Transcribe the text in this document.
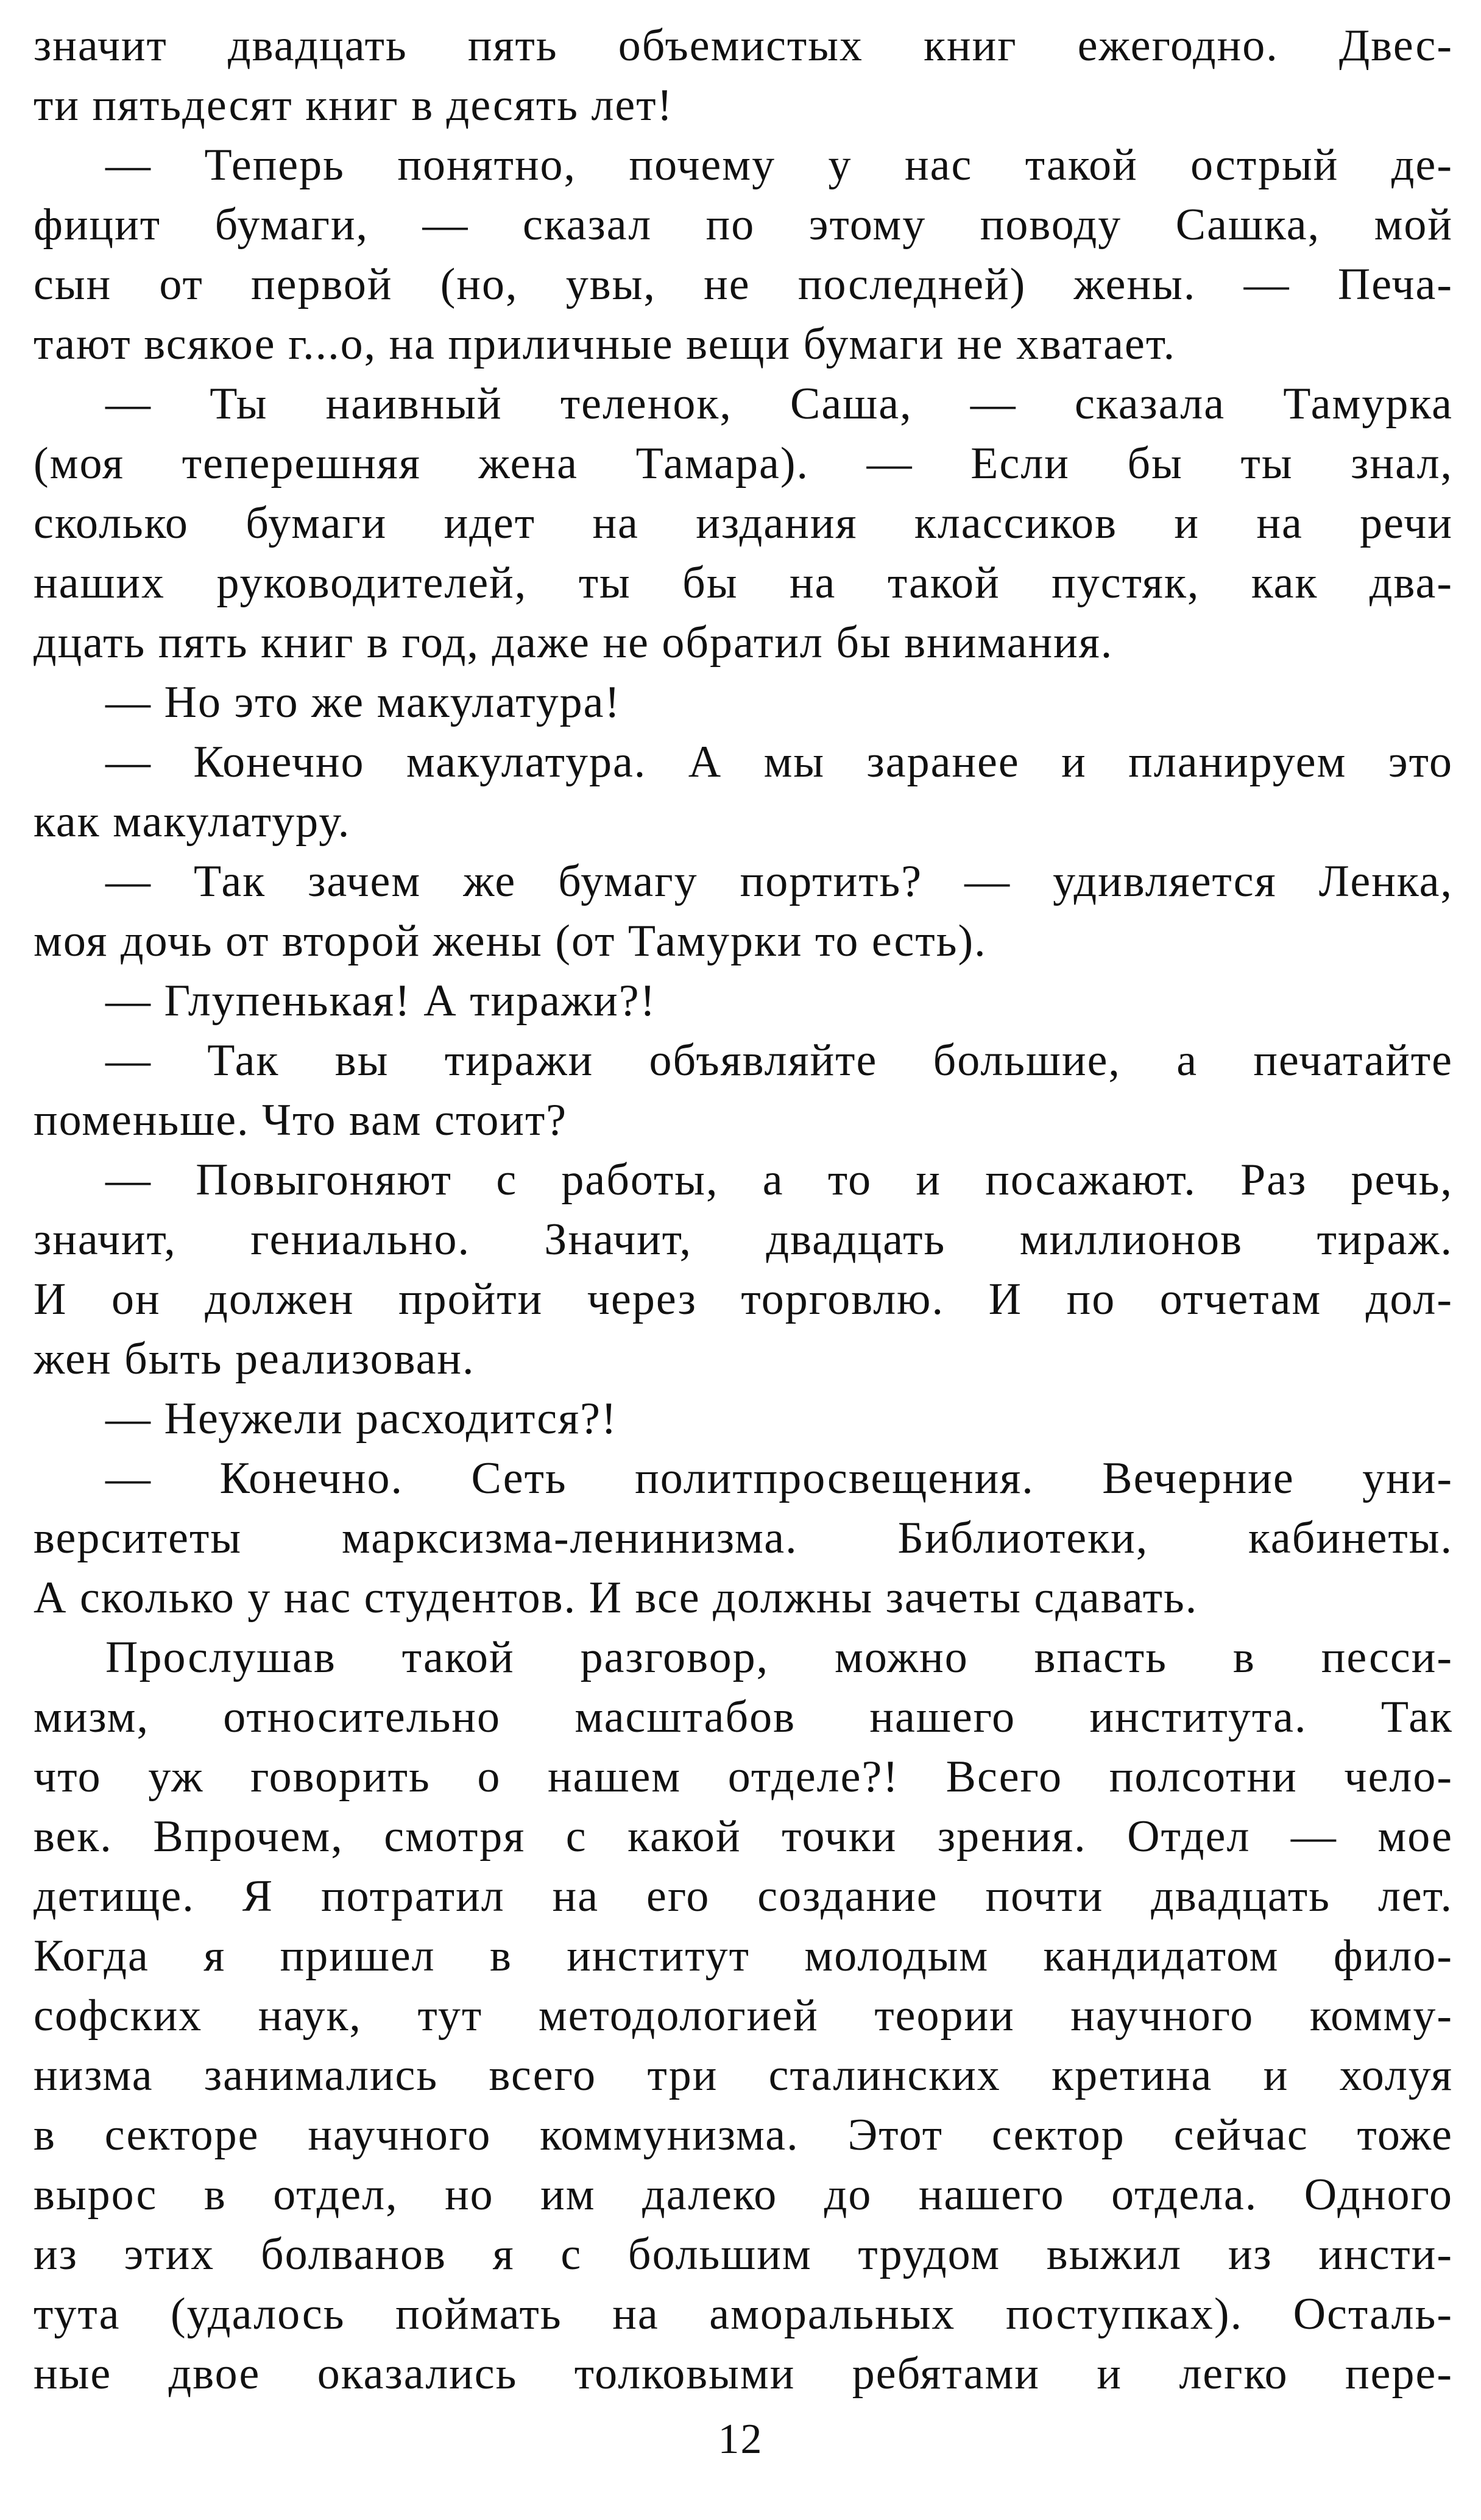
значит двадцать пять объемистых книг ежегодно. Двес-
ти пятьдесят книг в десять лет!
— Теперь понятно, почему у нас такой острый де-
фицит бумаги, — сказал по этому поводу Сашка, мой
сын от первой (но, увы, не последней) жены. — Печа-
тают всякое г...о, на приличные вещи бумаги не хватает.
— Ты наивный теленок, Саша, — сказала Тамурка
(моя теперешняя жена Тамара). — Если бы ты знал,
сколько бумаги идет на издания классиков и на речи
наших руководителей, ты бы на такой пустяк, как два-
дцать пять книг в год, даже не обратил бы внимания.
— Но это же макулатура!
— Конечно макулатура. А мы заранее и планируем это
как макулатуру.
— Так зачем же бумагу портить? — удивляется Ленка,
моя дочь от второй жены (от Тамурки то есть).
— Глупенькая! А тиражи?!
— Так вы тиражи объявляйте большие, а печатайте
поменьше. Что вам стоит?
— Повыгоняют с работы, а то и посажают. Раз речь,
значит, гениально. Значит, двадцать миллионов тираж.
И он должен пройти через торговлю. И по отчетам дол-
жен быть реализован.
— Неужели расходится?!
— Конечно. Сеть политпросвещения. Вечерние уни-
верситеты марксизма-ленинизма. Библиотеки, кабинеты.
А сколько у нас студентов. И все должны зачеты сдавать.
Прослушав такой разговор, можно впасть в песси-
мизм, относительно масштабов нашего института. Так
что уж говорить о нашем отделе?! Всего полсотни чело-
век. Впрочем, смотря с какой точки зрения. Отдел — мое
детище. Я потратил на его создание почти двадцать лет.
Когда я пришел в институт молодым кандидатом фило-
софских наук, тут методологией теории научного комму-
низма занимались всего три сталинских кретина и холуя
в секторе научного коммунизма. Этот сектор сейчас тоже
вырос в отдел, но им далеко до нашего отдела. Одного
из этих болванов я с большим трудом выжил из инсти-
тута (удалось поймать на аморальных поступках). Осталь-
ные двое оказались толковыми ребятами и легко пере-
12
